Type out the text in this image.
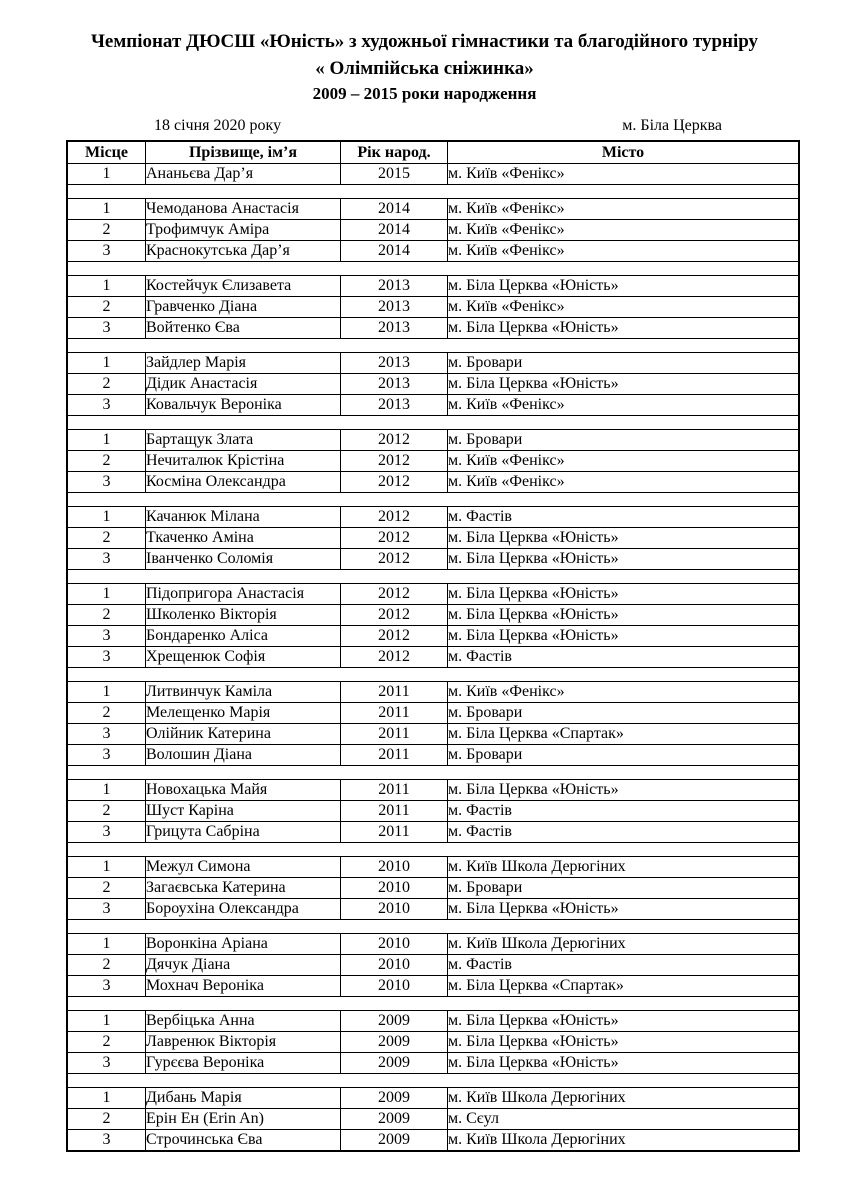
Чемпіонат ДЮСШ «Юність» з художньої гімнастики та благодійного турніру
« Олімпійська сніжинка»
2009 – 2015 роки народження
18 січня 2020 року	м. Біла Церква
Місце	Прізвище, ім’я	Рік народ.	Місто
1	Ананьєва Дар’я	2015	м. Київ «Фенікс»

1	Чемоданова Анастасія	2014	м. Київ «Фенікс»
2	Трофимчук Аміра	2014	м. Київ «Фенікс»
3	Краснокутська Дар’я	2014	м. Київ «Фенікс»

1	Костейчук Єлизавета	2013	м. Біла Церква «Юність»
2	Гравченко Діана	2013	м. Київ «Фенікс»
3	Войтенко Єва	2013	м. Біла Церква «Юність»

1	Зайдлер Марія	2013	м. Бровари
2	Дідик Анастасія	2013	м. Біла Церква «Юність»
3	Ковальчук Вероніка	2013	м. Київ «Фенікс»

1	Бартащук Злата	2012	м. Бровари
2	Нечиталюк Крістіна	2012	м. Київ «Фенікс»
3	Косміна Олександра	2012	м. Київ «Фенікс»

1	Качанюк Мілана	2012	м. Фастів
2	Ткаченко Аміна	2012	м. Біла Церква «Юність»
3	Іванченко Соломія	2012	м. Біла Церква «Юність»

1	Підопригора Анастасія	2012	м. Біла Церква «Юність»
2	Школенко Вікторія	2012	м. Біла Церква «Юність»
3	Бондаренко Аліса	2012	м. Біла Церква «Юність»
3	Хрещенюк Софія	2012	м. Фастів

1	Литвинчук Каміла	2011	м. Київ «Фенікс»
2	Мелещенко Марія	2011	м. Бровари
3	Олійник Катерина	2011	м. Біла Церква «Спартак»
3	Волошин Діана	2011	м. Бровари

1	Новохацька Майя	2011	м. Біла Церква «Юність»
2	Шуст Каріна	2011	м. Фастів
3	Грицута Сабріна	2011	м. Фастів

1	Межул Симона	2010	м. Київ Школа Дерюгіних
2	Загаєвська Катерина	2010	м. Бровари
3	Бороухіна Олександра	2010	м. Біла Церква «Юність»

1	Воронкіна Аріана	2010	м. Київ Школа Дерюгіних
2	Дячук Діана	2010	м. Фастів
3	Мохнач Вероніка	2010	м. Біла Церква «Спартак»

1	Вербіцька Анна	2009	м. Біла Церква «Юність»
2	Лавренюк Вікторія	2009	м. Біла Церква «Юність»
3	Гурєєва Вероніка	2009	м. Біла Церква «Юність»

1	Дибань Марія	2009	м. Київ Школа Дерюгіних
2	Ерін Ен (Erin An)	2009	м. Сєул
3	Строчинська Єва	2009	м. Київ Школа Дерюгіних
